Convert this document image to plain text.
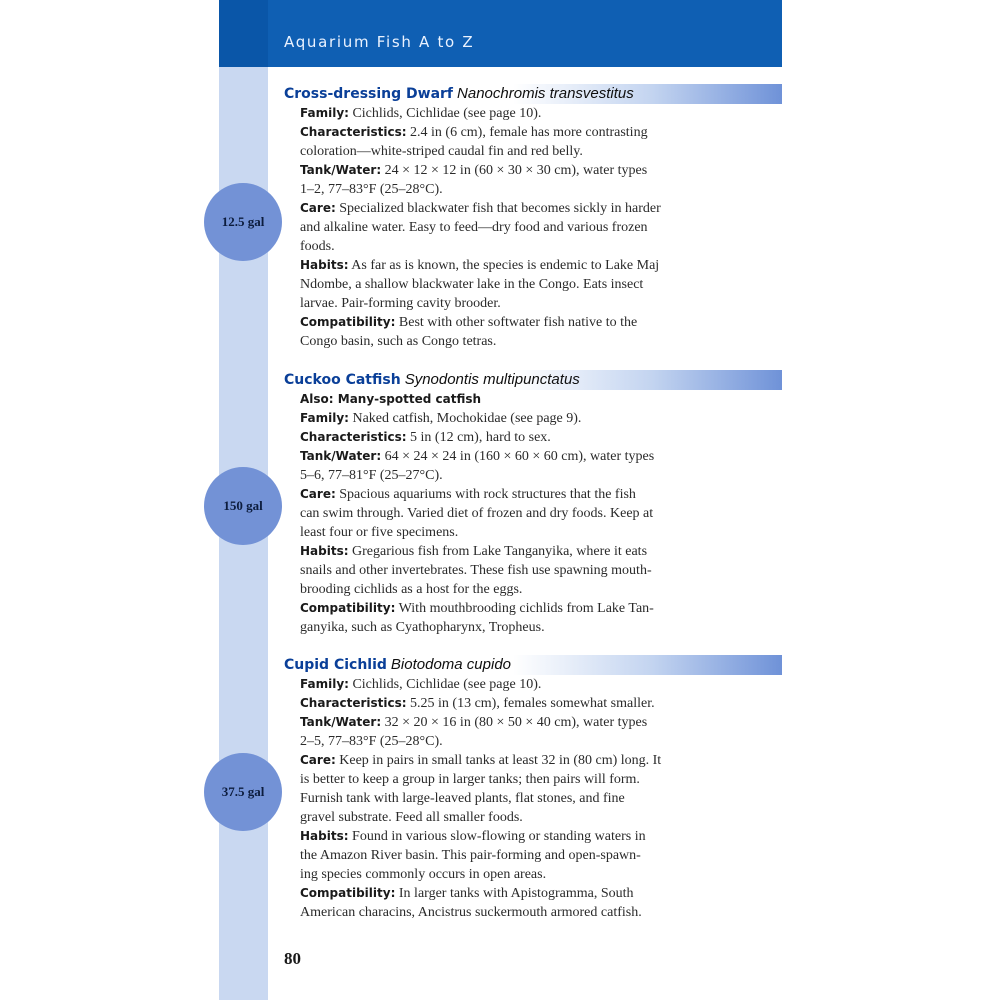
Aquarium Fish A to Z
12.5 gal
150 gal
37.5 gal
Cross-dressing Dwarf Nanochromis transvestitus
Family: Cichlids, Cichlidae (see page 10).
Characteristics: 2.4 in (6 cm), female has more contrasting
coloration—white-striped caudal fin and red belly.
Tank/Water: 24 × 12 × 12 in (60 × 30 × 30 cm), water types
1–2, 77–83°F (25–28°C).
Care: Specialized blackwater fish that becomes sickly in harder
and alkaline water. Easy to feed—dry food and various frozen
foods.
Habits: As far as is known, the species is endemic to Lake Maj
Ndombe, a shallow blackwater lake in the Congo. Eats insect
larvae. Pair-forming cavity brooder.
Compatibility: Best with other softwater fish native to the
Congo basin, such as Congo tetras.
Cuckoo Catfish Synodontis multipunctatus
Also: Many-spotted catfish
Family: Naked catfish, Mochokidae (see page 9).
Characteristics: 5 in (12 cm), hard to sex.
Tank/Water: 64 × 24 × 24 in (160 × 60 × 60 cm), water types
5–6, 77–81°F (25–27°C).
Care: Spacious aquariums with rock structures that the fish
can swim through. Varied diet of frozen and dry foods. Keep at
least four or five specimens.
Habits: Gregarious fish from Lake Tanganyika, where it eats
snails and other invertebrates. These fish use spawning mouth-
brooding cichlids as a host for the eggs.
Compatibility: With mouthbrooding cichlids from Lake Tan-
ganyika, such as Cyathopharynx, Tropheus.
Cupid Cichlid Biotodoma cupido
Family: Cichlids, Cichlidae (see page 10).
Characteristics: 5.25 in (13 cm), females somewhat smaller.
Tank/Water: 32 × 20 × 16 in (80 × 50 × 40 cm), water types
2–5, 77–83°F (25–28°C).
Care: Keep in pairs in small tanks at least 32 in (80 cm) long. It
is better to keep a group in larger tanks; then pairs will form.
Furnish tank with large-leaved plants, flat stones, and fine
gravel substrate. Feed all smaller foods.
Habits: Found in various slow-flowing or standing waters in
the Amazon River basin. This pair-forming and open-spawn-
ing species commonly occurs in open areas.
Compatibility: In larger tanks with Apistogramma, South
American characins, Ancistrus suckermouth armored catfish.
80
